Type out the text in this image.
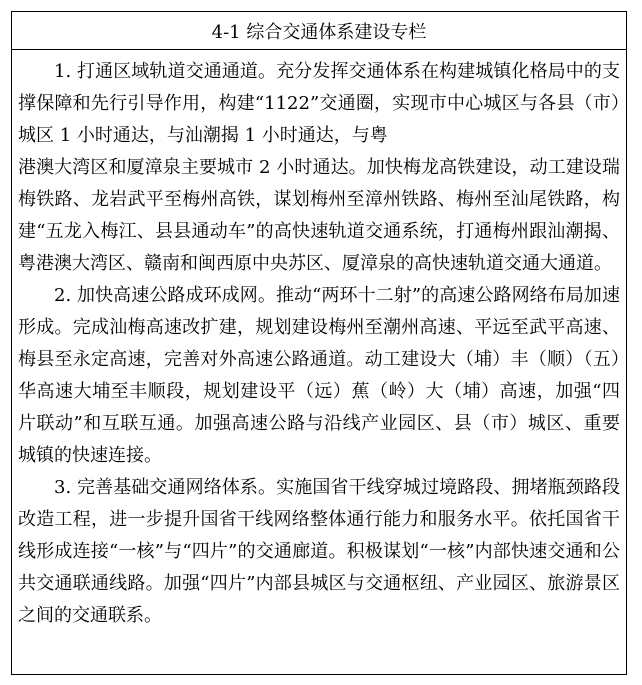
4-1 综合交通体系建设专栏

1. 打通区域轨道交通通道。充分发挥交通体系在构建城镇化格局中的支撑保障和先行引导作用，构建“1122”交通圈，实现市中心城区与各县（市）城区 1 小时通达，与汕潮揭 1 小时通达，与粤

港澳大湾区和厦漳泉主要城市 2 小时通达。加快梅龙高铁建设，动工建设瑞梅铁路、龙岩武平至梅州高铁，谋划梅州至漳州铁路、梅州至汕尾铁路，构建“五龙入梅江、县县通动车”的高快速轨道交通系统，打通梅州跟汕潮揭、粤港澳大湾区、赣南和闽西原中央苏区、厦漳泉的高快速轨道交通大通道。

2. 加快高速公路成环成网。推动“两环十二射”的高速公路网络布局加速形成。完成汕梅高速改扩建，规划建设梅州至潮州高速、平远至武平高速、梅县至永定高速，完善对外高速公路通道。动工建设大（埔）丰（顺）（五）华高速大埔至丰顺段，规划建设平（远）蕉（岭）大（埔）高速，加强“四片联动”和互联互通。加强高速公路与沿线产业园区、县（市）城区、重要城镇的快速连接。

3. 完善基础交通网络体系。实施国省干线穿城过境路段、拥堵瓶颈路段改造工程，进一步提升国省干线网络整体通行能力和服务水平。依托国省干线形成连接“一核”与“四片”的交通廊道。积极谋划“一核”内部快速交通和公共交通联通线路。加强“四片”内部县城区与交通枢纽、产业园区、旅游景区之间的交通联系。
